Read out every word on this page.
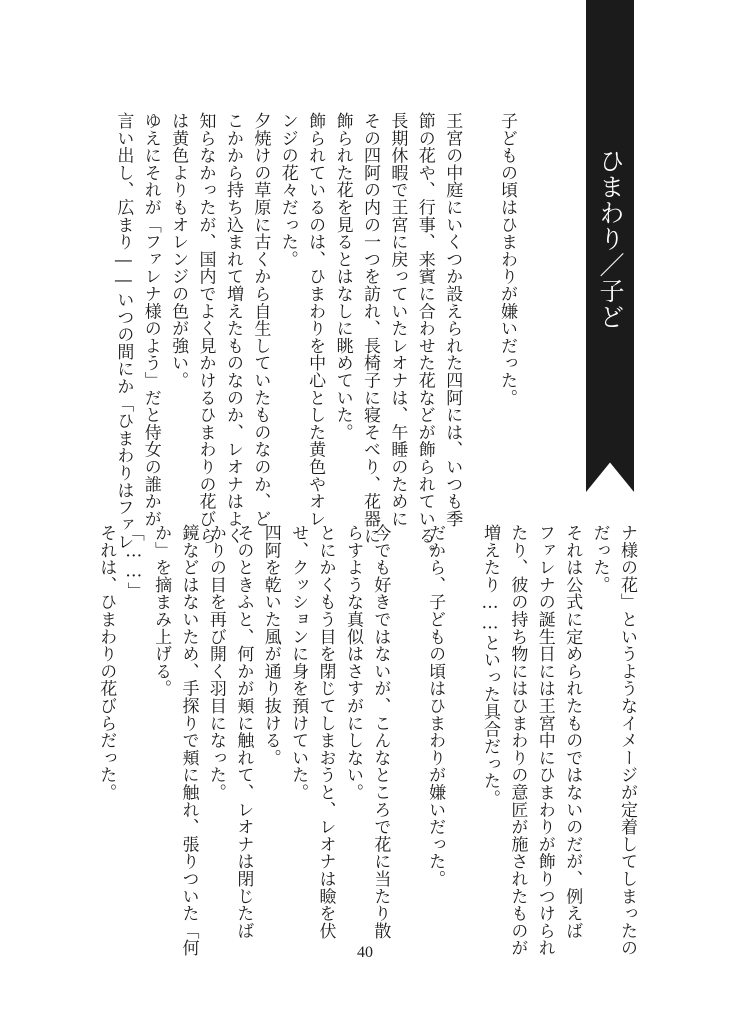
ひまわり／子ども
子どもの頃はひまわりが嫌いだった。

王宮の中庭にいくつか設えられた四阿には、いつも季
節の花や、行事、来賓に合わせた花などが飾られている。
長期休暇で王宮に戻っていたレオナは、午睡のために
その四阿の内の一つを訪れ、長椅子に寝そべり、花器に
飾られた花を見るとはなしに眺めていた。
飾られているのは、ひまわりを中心とした黄色やオレ
ンジの花々だった。
夕焼けの草原に古くから自生していたものなのか、ど
こかから持ち込まれて増えたものなのか、レオナはよく
知らなかったが、国内でよく見かけるひまわりの花びら
は黄色よりもオレンジの色が強い。
ゆえにそれが「ファレナ様のよう」だと侍女の誰かが
言い出し、広まり――いつの間にか「ひまわりはファレ
ナ様の花」というようなイメージが定着してしまったの
だった。
それは公式に定められたものではないのだが、例えば
ファレナの誕生日には王宮中にひまわりが飾りつけられ
たり、彼の持ち物にはひまわりの意匠が施されたものが
増えたり……といった具合だった。

だから、子どもの頃はひまわりが嫌いだった。

今でも好きではないが、こんなところで花に当たり散
らすような真似はさすがにしない。
とにかくもう目を閉じてしまおうと、レオナは瞼を伏
せ、クッションに身を預けていた。
四阿を乾いた風が通り抜ける。
そのときふと、何かが頬に触れて、レオナは閉じたば
かりの目を再び開く羽目になった。
鏡などはないため、手探りで頬に触れ、張りついた「何
か」を摘まみ上げる。
「……」
それは、ひまわりの花びらだった。
40
